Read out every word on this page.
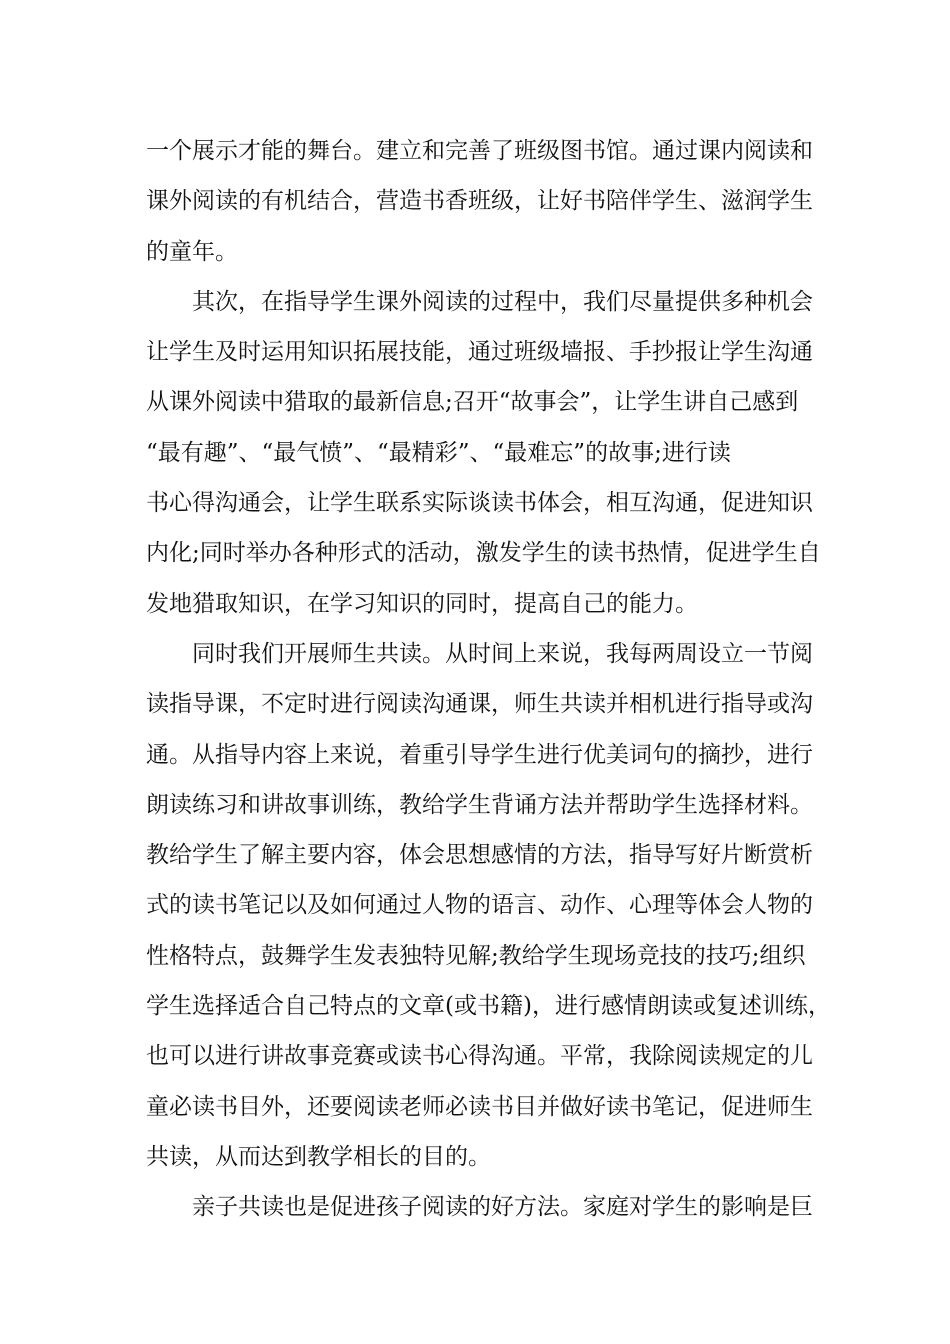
一个展示才能的舞台。建立和完善了班级图书馆。通过课内阅读和
课外阅读的有机结合，营造书香班级，让好书陪伴学生、滋润学生
的童年。
其次，在指导学生课外阅读的过程中，我们尽量提供多种机会
让学生及时运用知识拓展技能，通过班级墙报、手抄报让学生沟通
从课外阅读中猎取的最新信息;召开“故事会”，让学生讲自己感到
“最有趣”、“最气愤”、“最精彩”、“最难忘”的故事;进行读
书心得沟通会，让学生联系实际谈读书体会，相互沟通，促进知识
内化;同时举办各种形式的活动，激发学生的读书热情，促进学生自
发地猎取知识，在学习知识的同时，提高自己的能力。
同时我们开展师生共读。从时间上来说，我每两周设立一节阅
读指导课，不定时进行阅读沟通课，师生共读并相机进行指导或沟
通。从指导内容上来说，着重引导学生进行优美词句的摘抄，进行
朗读练习和讲故事训练，教给学生背诵方法并帮助学生选择材料。
教给学生了解主要内容，体会思想感情的方法，指导写好片断赏析
式的读书笔记以及如何通过人物的语言、动作、心理等体会人物的
性格特点，鼓舞学生发表独特见解;教给学生现场竞技的技巧;组织
学生选择适合自己特点的文章(或书籍)，进行感情朗读或复述训练，
也可以进行讲故事竞赛或读书心得沟通。平常，我除阅读规定的儿
童必读书目外，还要阅读老师必读书目并做好读书笔记，促进师生
共读，从而达到教学相长的目的。
亲子共读也是促进孩子阅读的好方法。家庭对学生的影响是巨
